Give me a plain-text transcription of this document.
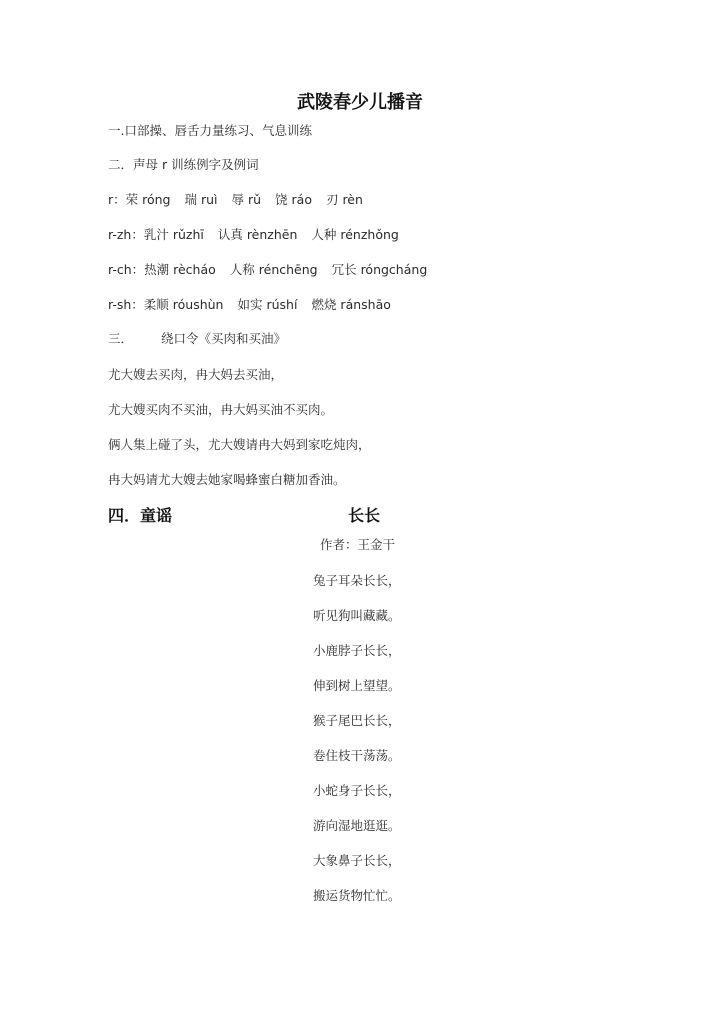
武陵春少儿播音
一.口部操、唇舌力量练习、气息训练
二．声母 r 训练例字及例词
r：荣 róng 瑞 ruì 辱 rǔ 饶 ráo 刃 rèn
r-zh：乳汁 rǔzhī 认真 rènzhēn 人种 rénzhǒng
r-ch：热潮 rècháo 人称 rénchēng 冗长 róngcháng
r-sh：柔顺 róushùn 如实 rúshí 燃烧 ránshāo
三． 绕口令《买肉和买油》
尤大嫂去买肉，冉大妈去买油，
尤大嫂买肉不买油，冉大妈买油不买肉。
俩人集上碰了头，尤大嫂请冉大妈到家吃炖肉，
冉大妈请尤大嫂去她家喝蜂蜜白糖加香油。
四．童谣	长长
作者：王金干
兔子耳朵长长，
听见狗叫藏藏。
小鹿脖子长长，
伸到树上望望。
猴子尾巴长长，
卷住枝干荡荡。
小蛇身子长长，
游向湿地逛逛。
大象鼻子长长，
搬运货物忙忙。
